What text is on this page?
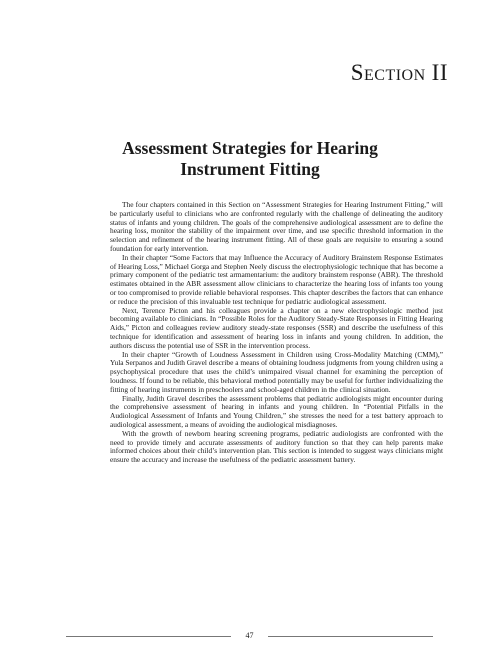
Section II
Assessment Strategies for Hearing
Instrument Fitting

The four chapters contained in this Section on “Assessment Strategies for Hearing Instrument Fitting,” will be particularly useful to clinicians who are confronted regularly with the challenge of delineating the auditory status of infants and young children. The goals of the comprehensive audiological assessment are to define the hearing loss, monitor the stability of the impairment over time, and use specific threshold information in the selection and refinement of the hearing instrument fitting. All of these goals are requisite to ensuring a sound foundation for early intervention.

In their chapter “Some Factors that may Influence the Accuracy of Auditory Brainstem Response Estimates of Hearing Loss,” Michael Gorga and Stephen Neely discuss the electrophysiologic technique that has become a primary component of the pediatric test armamentarium: the auditory brainstem response (ABR). The threshold estimates obtained in the ABR assessment allow clinicians to characterize the hearing loss of infants too young or too compromised to provide reliable behavioral responses. This chapter describes the factors that can enhance or reduce the precision of this invaluable test technique for pediatric audiological assessment.

Next, Terence Picton and his colleagues provide a chapter on a new electrophysiologic method just becoming available to clinicians. In “Possible Roles for the Auditory Steady-State Responses in Fitting Hearing Aids,” Picton and colleagues review auditory steady-state responses (SSR) and describe the usefulness of this technique for identification and assessment of hearing loss in infants and young children. In addition, the authors discuss the potential use of SSR in the intervention process.

In their chapter “Growth of Loudness Assessment in Children using Cross-Modality Matching (CMM),” Yula Serpanos and Judith Gravel describe a means of obtaining loudness judgments from young children using a psychophysical procedure that uses the child’s unimpaired visual channel for examining the perception of loudness. If found to be reliable, this behavioral method potentially may be useful for further individualizing the fitting of hearing instruments in preschoolers and school-aged children in the clinical situation.

Finally, Judith Gravel describes the assessment problems that pediatric audiologists might encounter during the comprehensive assessment of hearing in infants and young children. In “Potential Pitfalls in the Audiological Assessment of Infants and Young Children,” she stresses the need for a test battery approach to audiological assessment, a means of avoiding the audiological misdiagnoses.

With the growth of newborn hearing screening programs, pediatric audiologists are confronted with the need to provide timely and accurate assessments of auditory function so that they can help parents make informed choices about their child’s intervention plan. This section is intended to suggest ways clinicians might ensure the accuracy and increase the usefulness of the pediatric assessment battery.

47
